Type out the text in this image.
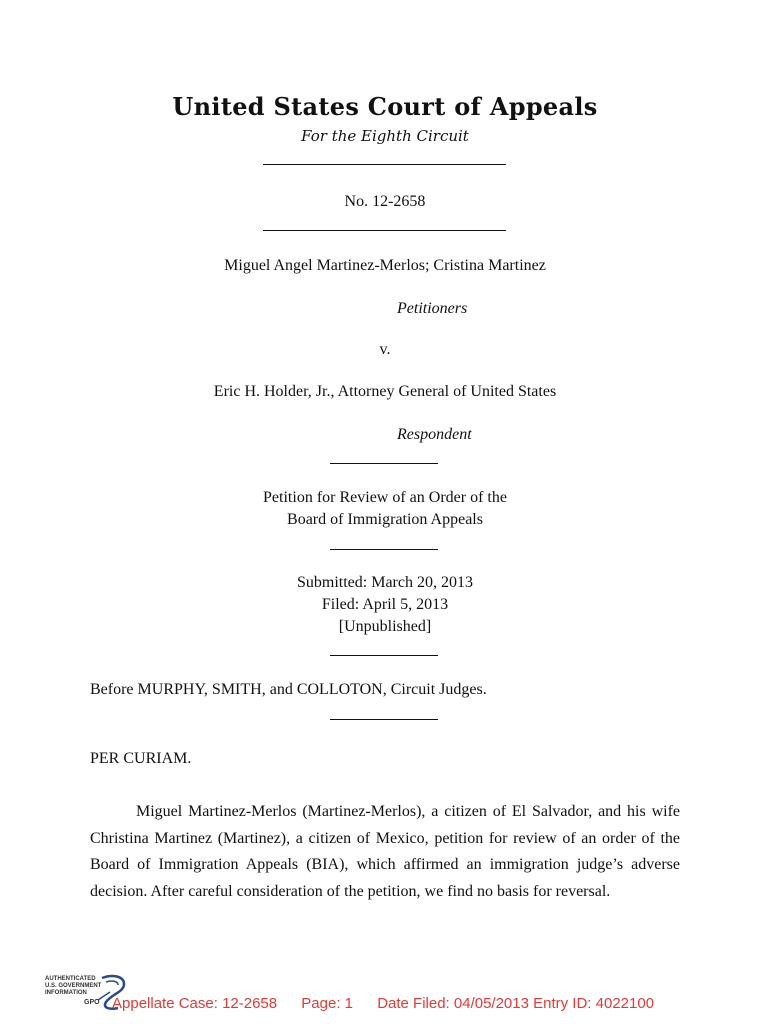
United States Court of Appeals
For the Eighth Circuit
No. 12-2658
Miguel Angel Martinez-Merlos; Cristina Martinez
Petitioners
v.
Eric H. Holder, Jr., Attorney General of United States
Respondent
Petition for Review of an Order of the
Board of Immigration Appeals
Submitted: March 20, 2013
Filed: April 5, 2013
[Unpublished]
Before MURPHY, SMITH, and COLLOTON, Circuit Judges.
PER CURIAM.

Miguel Martinez-Merlos (Martinez-Merlos), a citizen of El Salvador, and his wife Christina Martinez (Martinez), a citizen of Mexico, petition for review of an order of the Board of Immigration Appeals (BIA), which affirmed an immigration judge’s adverse decision. After careful consideration of the petition, we find no basis for reversal.

AUTHENTICATED
U.S. GOVERNMENT
INFORMATION
GPO Appellate Case: 12-2658 Page: 1 Date Filed: 04/05/2013 Entry ID: 4022100
